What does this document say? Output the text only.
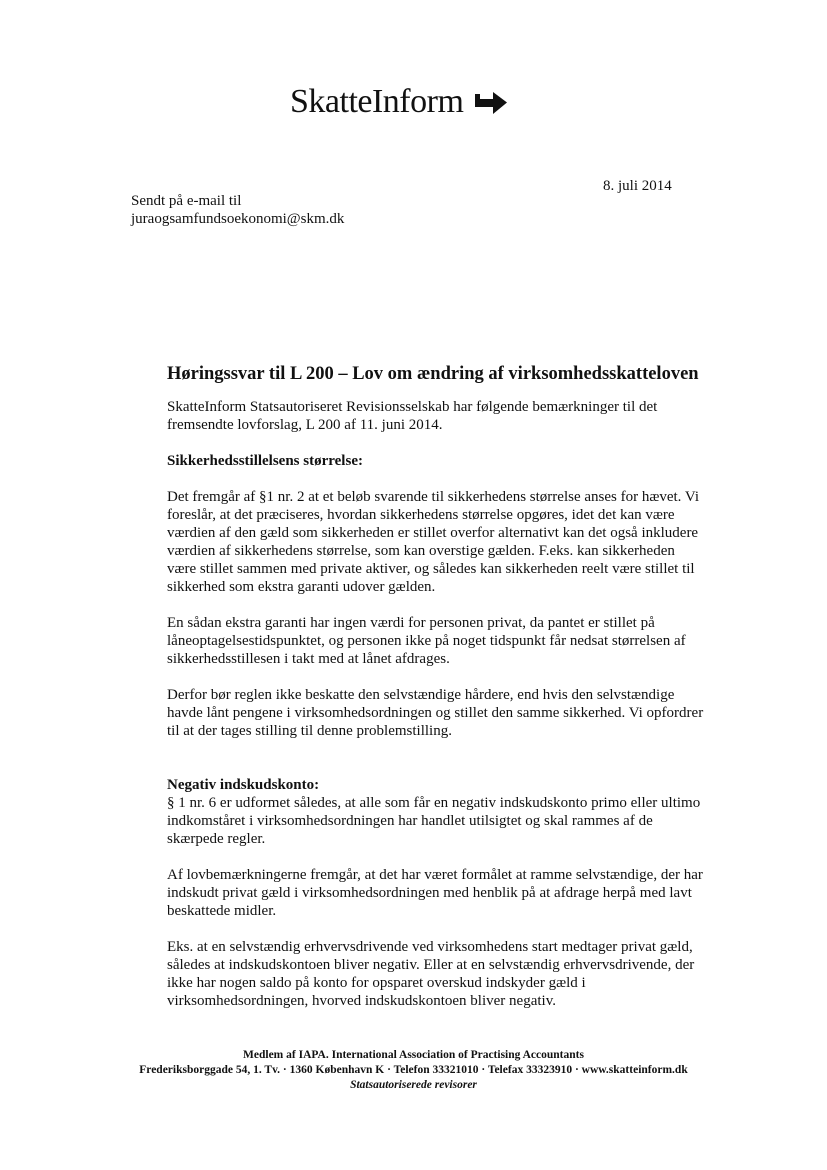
SkatteInform
8. juli 2014
Sendt på e-mail til
juraogsamfundsoekonomi@skm.dk
Høringssvar til L 200 – Lov om ændring af virksomhedsskatteloven

SkatteInform Statsautoriseret Revisionsselskab har følgende bemærkninger til det fremsendte lovforslag, L 200 af 11. juni 2014.

Sikkerhedsstillelsens størrelse:

Det fremgår af §1 nr. 2 at et beløb svarende til sikkerhedens størrelse anses for hævet. Vi foreslår, at det præciseres, hvordan sikkerhedens størrelse opgøres, idet det kan være værdien af den gæld som sikkerheden er stillet overfor alternativt kan det også inkludere værdien af sikkerhedens størrelse, som kan overstige gælden. F.eks. kan sikkerheden være stillet sammen med private aktiver, og således kan sikkerheden reelt være stillet til sikkerhed som ekstra garanti udover gælden.

En sådan ekstra garanti har ingen værdi for personen privat, da pantet er stillet på låneoptagelsestidspunktet, og personen ikke på noget tidspunkt får nedsat størrelsen af sikkerhedsstillesen i takt med at lånet afdrages.

Derfor bør reglen ikke beskatte den selvstændige hårdere, end hvis den selvstændige havde lånt pengene i virksomhedsordningen og stillet den samme sikkerhed. Vi opfordrer til at der tages stilling til denne problemstilling.

Negativ indskudskonto:

§ 1 nr. 6 er udformet således, at alle som får en negativ indskudskonto primo eller ultimo indkomståret i virksomhedsordningen har handlet utilsigtet og skal rammes af de skærpede regler.

Af lovbemærkningerne fremgår, at det har været formålet at ramme selvstændige, der har indskudt privat gæld i virksomhedsordningen med henblik på at afdrage herpå med lavt beskattede midler.

Eks. at en selvstændig erhvervsdrivende ved virksomhedens start medtager privat gæld, således at indskudskontoen bliver negativ. Eller at en selvstændig erhvervsdrivende, der ikke har nogen saldo på konto for opsparet overskud indskyder gæld i virksomhedsordningen, hvorved indskudskontoen bliver negativ.

Medlem af IAPA. International Association of Practising Accountants
Frederiksborggade 54, 1. Tv. · 1360 København K · Telefon 33321010 · Telefax 33323910 · www.skatteinform.dk
Statsautoriserede revisorer
